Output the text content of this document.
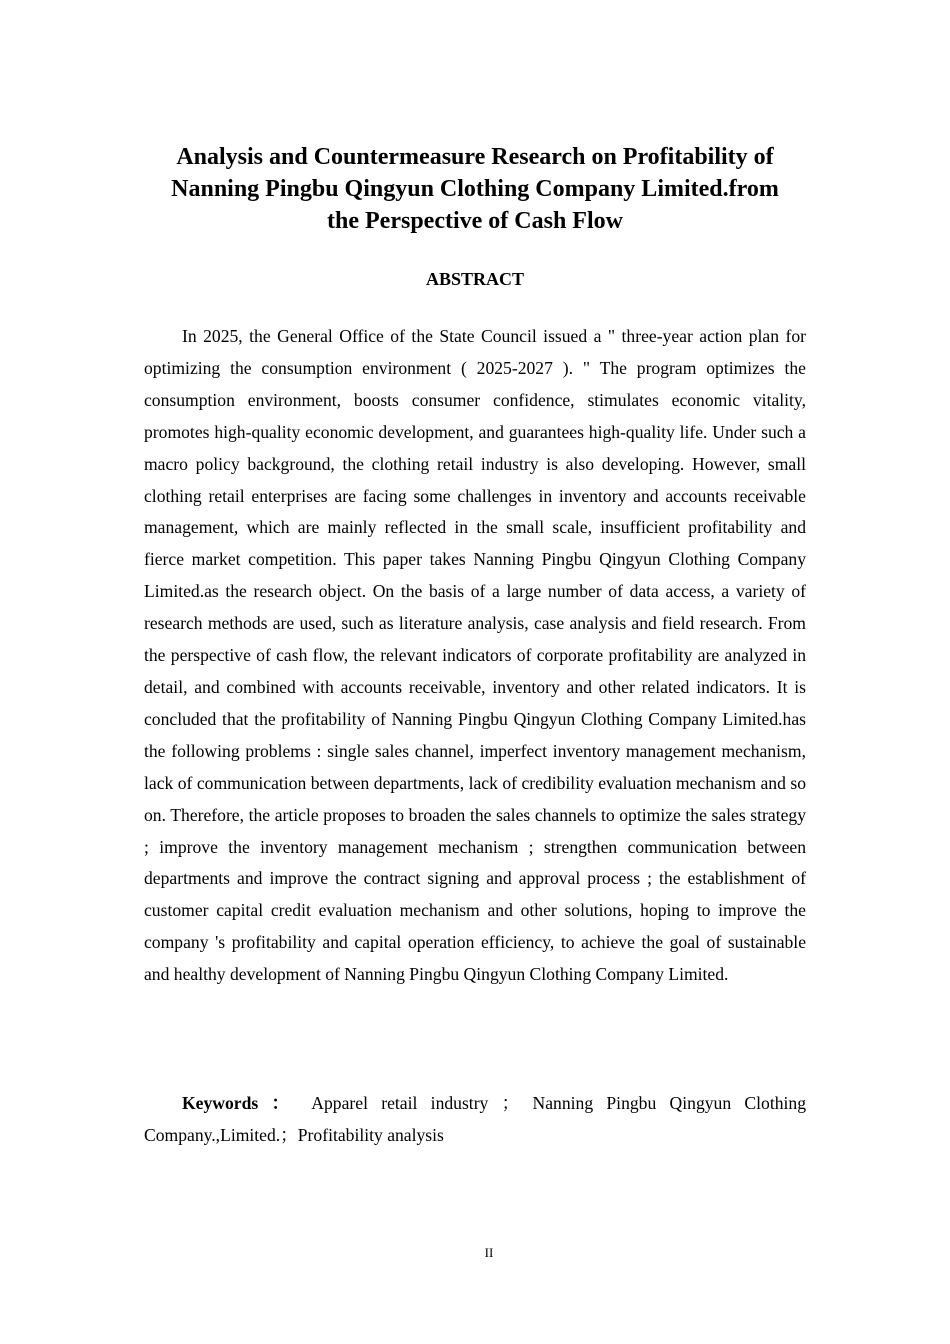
Analysis and Countermeasure Research on Profitability of
Nanning Pingbu Qingyun Clothing Company Limited.from
the Perspective of Cash Flow
ABSTRACT

In 2025, the General Office of the State Council issued a " three-year action plan for optimizing the consumption environment ( 2025-2027 ). " The program optimizes the consumption environment, boosts consumer confidence, stimulates economic vitality, promotes high-quality economic development, and guarantees high-quality life. Under such a macro policy background, the clothing retail industry is also developing. However, small clothing retail enterprises are facing some challenges in inventory and accounts receivable management, which are mainly reflected in the small scale, insufficient profitability and fierce market competition. This paper takes Nanning Pingbu Qingyun Clothing Company Limited.as the research object. On the basis of a large number of data access, a variety of research methods are used, such as literature analysis, case analysis and field research. From the perspective of cash flow, the relevant indicators of corporate profitability are analyzed in detail, and combined with accounts receivable, inventory and other related indicators. It is concluded that the profitability of Nanning Pingbu Qingyun Clothing Company Limited.has the following problems : single sales channel, imperfect inventory management mechanism, lack of communication between departments, lack of credibility evaluation mechanism and so on. Therefore, the article proposes to broaden the sales channels to optimize the sales strategy ; improve the inventory management mechanism ; strengthen communication between departments and improve the contract signing and approval process ; the establishment of customer capital credit evaluation mechanism and other solutions, hoping to improve the company 's profitability and capital operation efficiency, to achieve the goal of sustainable and healthy development of Nanning Pingbu Qingyun Clothing Company Limited.

Keywords ： Apparel retail industry ； Nanning Pingbu Qingyun Clothing Company.,Limited.；Profitability analysis

II
